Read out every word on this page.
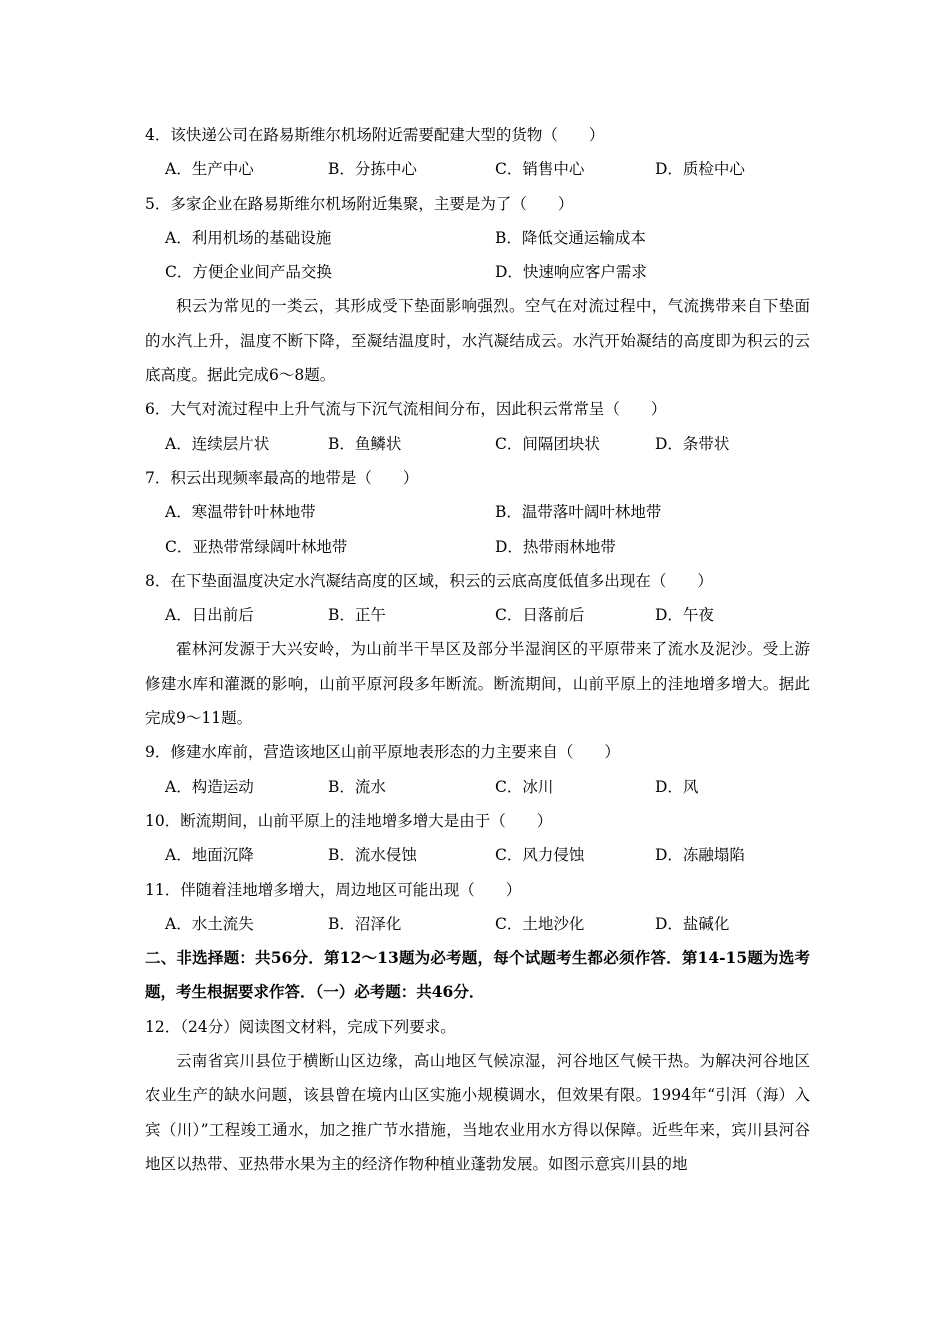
4．该快递公司在路易斯维尔机场附近需要配建大型的货物（　　）
A．生产中心	B．分拣中心	C．销售中心	D．质检中心
5．多家企业在路易斯维尔机场附近集聚，主要是为了（　　）
A．利用机场的基础设施	B．降低交通运输成本
C．方便企业间产品交换	D．快速响应客户需求
积云为常见的一类云，其形成受下垫面影响强烈。空气在对流过程中，气流携带来自下垫面的水汽上升，温度不断下降，至凝结温度时，水汽凝结成云。水汽开始凝结的高度即为积云的云底高度。据此完成6～8题。
6．大气对流过程中上升气流与下沉气流相间分布，因此积云常常呈（　　）
A．连续层片状	B．鱼鳞状	C．间隔团块状	D．条带状
7．积云出现频率最高的地带是（　　）
A．寒温带针叶林地带	B．温带落叶阔叶林地带
C．亚热带常绿阔叶林地带	D．热带雨林地带
8．在下垫面温度决定水汽凝结高度的区域，积云的云底高度低值多出现在（　　）
A．日出前后	B．正午	C．日落前后	D．午夜
霍林河发源于大兴安岭，为山前半干旱区及部分半湿润区的平原带来了流水及泥沙。受上游修建水库和灌溉的影响，山前平原河段多年断流。断流期间，山前平原上的洼地增多增大。据此完成9～11题。
9．修建水库前，营造该地区山前平原地表形态的力主要来自（　　）
A．构造运动	B．流水	C．冰川	D．风
10．断流期间，山前平原上的洼地增多增大是由于（　　）
A．地面沉降	B．流水侵蚀	C．风力侵蚀	D．冻融塌陷
11．伴随着洼地增多增大，周边地区可能出现（　　）
A．水土流失	B．沼泽化	C．土地沙化	D．盐碱化
二、非选择题：共56分．第12～13题为必考题，每个试题考生都必须作答．第14-15题为选考题，考生根据要求作答．（一）必考题：共46分．
12．（24分）阅读图文材料，完成下列要求。
云南省宾川县位于横断山区边缘，高山地区气候凉湿，河谷地区气候干热。为解决河谷地区农业生产的缺水问题，该县曾在境内山区实施小规模调水，但效果有限。1994年“引洱（海）入宾（川）”工程竣工通水，加之推广节水措施，当地农业用水方得以保障。近些年来，宾川县河谷地区以热带、亚热带水果为主的经济作物种植业蓬勃发展。如图示意宾川县的地
